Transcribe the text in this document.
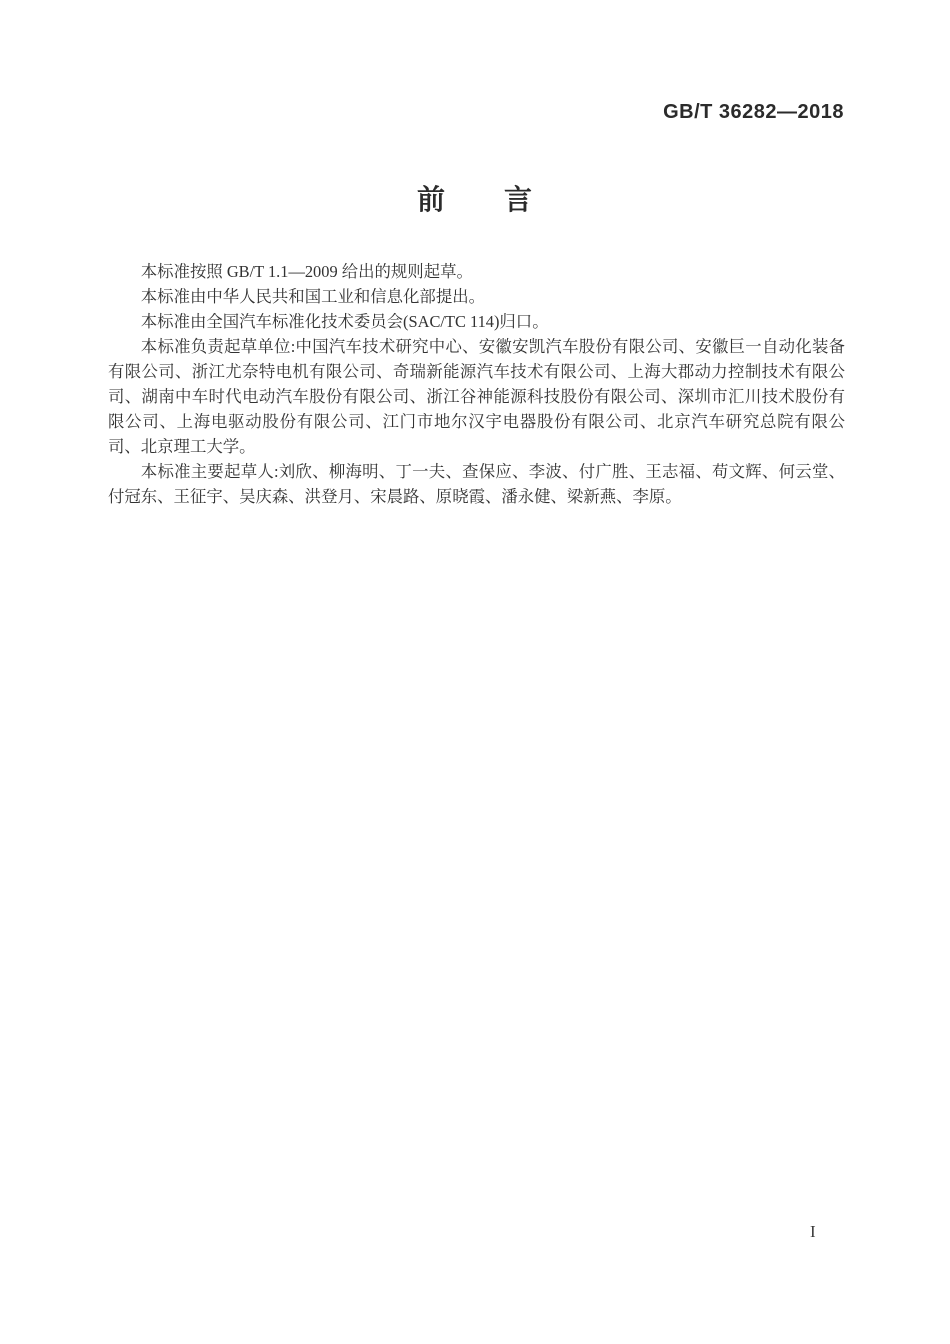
GB/T 36282—2018
前　　言

本标准按照 GB/T 1.1—2009 给出的规则起草。

本标准由中华人民共和国工业和信息化部提出。

本标准由全国汽车标准化技术委员会(SAC/TC 114)归口。

本标准负责起草单位:中国汽车技术研究中心、安徽安凯汽车股份有限公司、安徽巨一自动化装备有限公司、浙江尤奈特电机有限公司、奇瑞新能源汽车技术有限公司、上海大郡动力控制技术有限公司、湖南中车时代电动汽车股份有限公司、浙江谷神能源科技股份有限公司、深圳市汇川技术股份有限公司、上海电驱动股份有限公司、江门市地尔汉宇电器股份有限公司、北京汽车研究总院有限公司、北京理工大学。

本标准主要起草人:刘欣、柳海明、丁一夫、查保应、李波、付广胜、王志福、苟文辉、何云堂、付冠东、王征宇、吴庆森、洪登月、宋晨路、原晓霞、潘永健、梁新燕、李原。

I
